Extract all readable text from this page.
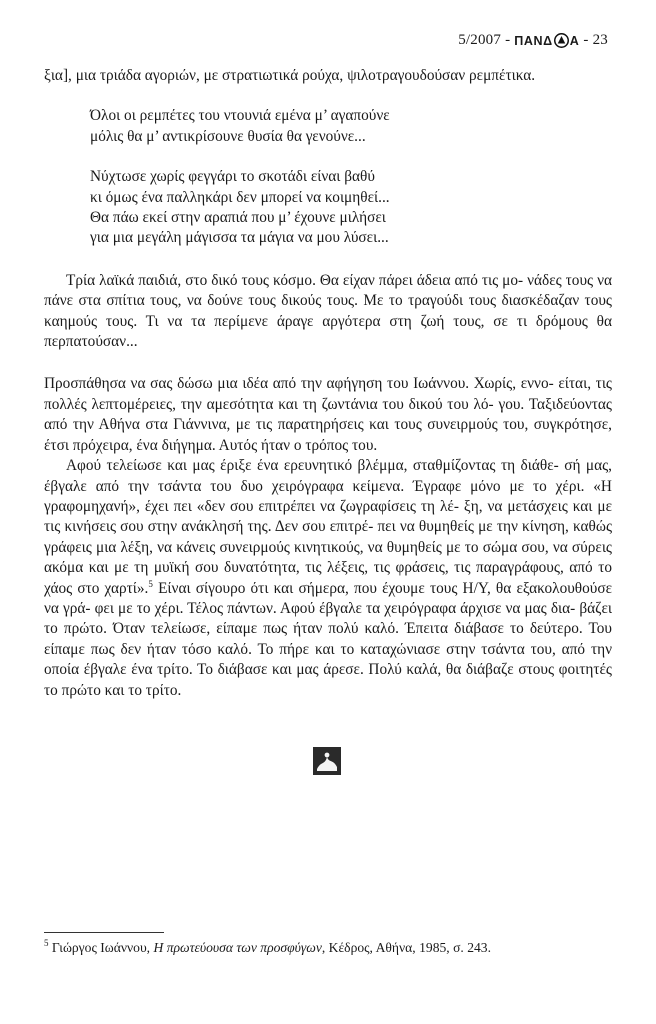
5/2007 - ΠΑΝΔ Α - 23

ξια], μια τριάδα αγοριών, με στρατιωτικά ρούχα, ψιλοτραγουδούσαν ρεμπέτικα.

Όλοι οι ρεμπέτες του ντουνιά εμένα μ’ αγαπούνε
μόλις θα μ’ αντικρίσουνε θυσία θα γενούνε...
Νύχτωσε χωρίς φεγγάρι το σκοτάδι είναι βαθύ
κι όμως ένα παλληκάρι δεν μπορεί να κοιμηθεί...
Θα πάω εκεί στην αραπιά που μ’ έχουνε μιλήσει
για μια μεγάλη μάγισσα τα μάγια να μου λύσει...

Τρία λαϊκά παιδιά, στο δικό τους κόσμο. Θα είχαν πάρει άδεια από τις μο- νάδες τους να πάνε στα σπίτια τους, να δούνε τους δικούς τους. Με το τραγούδι τους διασκέδαζαν τους καημούς τους. Τι να τα περίμενε άραγε αργότερα στη ζωή τους, σε τι δρόμους θα περπατούσαν...

Προσπάθησα να σας δώσω μια ιδέα από την αφήγηση του Ιωάννου. Χωρίς, εννο- είται, τις πολλές λεπτομέρειες, την αμεσότητα και τη ζωντάνια του δικού του λό- γου. Ταξιδεύοντας από την Αθήνα στα Γιάννινα, με τις παρατηρήσεις και τους συνειρμούς του, συγκρότησε, έτσι πρόχειρα, ένα διήγημα. Αυτός ήταν ο τρόπος του.

Αφού τελείωσε και μας έριξε ένα ερευνητικό βλέμμα, σταθμίζοντας τη διάθε- σή μας, έβγαλε από την τσάντα του δυο χειρόγραφα κείμενα. Έγραφε μόνο με το χέρι. «Η γραφομηχανή», έχει πει «δεν σου επιτρέπει να ζωγραφίσεις τη λέ- ξη, να μετάσχεις και με τις κινήσεις σου στην ανάκλησή της. Δεν σου επιτρέ- πει να θυμηθείς με την κίνηση, καθώς γράφεις μια λέξη, να κάνεις συνειρμούς κινητικούς, να θυμηθείς με το σώμα σου, να σύρεις ακόμα και με τη μυϊκή σου δυνατότητα, τις λέξεις, τις φράσεις, τις παραγράφους, από το χάος στο χαρτί».$^5$ Είναι σίγουρο ότι και σήμερα, που έχουμε τους Η/Υ, θα εξακολουθούσε να γρά- φει με το χέρι. Τέλος πάντων. Αφού έβγαλε τα χειρόγραφα άρχισε να μας δια- βάζει το πρώτο. Όταν τελείωσε, είπαμε πως ήταν πολύ καλό. Έπειτα διάβασε το δεύτερο. Του είπαμε πως δεν ήταν τόσο καλό. Το πήρε και το καταχώνιασε στην τσάντα του, από την οποία έβγαλε ένα τρίτο. Το διάβασε και μας άρεσε. Πολύ καλά, θα διάβαζε στους φοιτητές το πρώτο και το τρίτο.

$^5$ Γιώργος Ιωάννου, Η πρωτεύουσα των προσφύγων, Κέδρος, Αθήνα, 1985, σ. 243.
